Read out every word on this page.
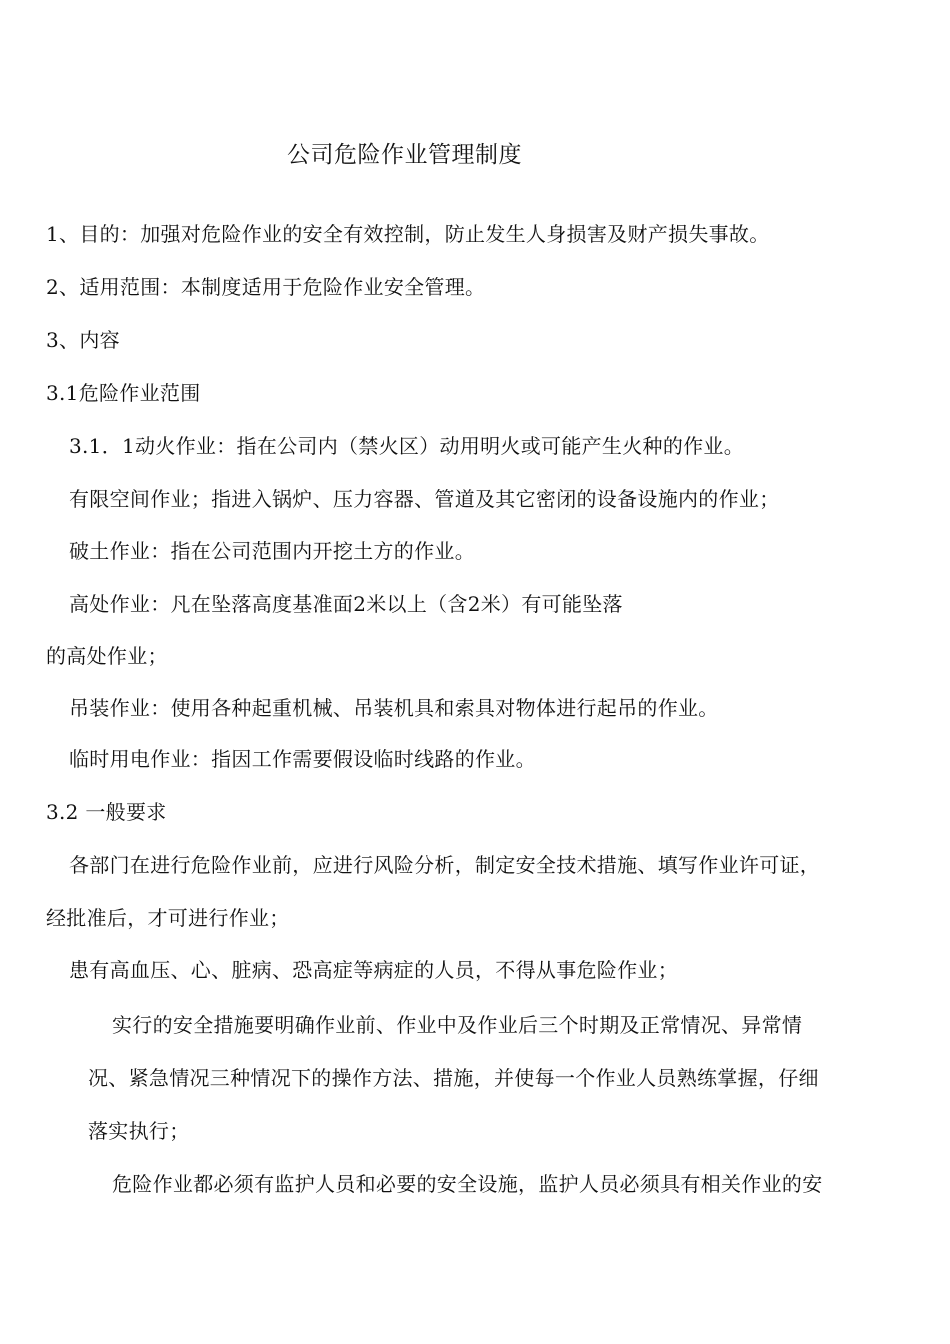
公司危险作业管理制度
1、目的：加强对危险作业的安全有效控制，防止发生人身损害及财产损失事故。
2、适用范围：本制度适用于危险作业安全管理。
3、内容
3.1危险作业范围
3.1．1动火作业：指在公司内（禁火区）动用明火或可能产生火种的作业。
有限空间作业；指进入锅炉、压力容器、管道及其它密闭的设备设施内的作业；
破土作业：指在公司范围内开挖土方的作业。
高处作业：凡在坠落高度基准面2米以上（含2米）有可能坠落
的高处作业；
吊装作业：使用各种起重机械、吊装机具和索具对物体进行起吊的作业。
临时用电作业：指因工作需要假设临时线路的作业。
3.2 一般要求
各部门在进行危险作业前，应进行风险分析，制定安全技术措施、填写作业许可证，
经批准后，才可进行作业；
患有高血压、心、脏病、恐高症等病症的人员，不得从事危险作业；
实行的安全措施要明确作业前、作业中及作业后三个时期及正常情况、异常情
况、紧急情况三种情况下的操作方法、措施，并使每一个作业人员熟练掌握，仔细
落实执行；
危险作业都必须有监护人员和必要的安全设施，监护人员必须具有相关作业的安
